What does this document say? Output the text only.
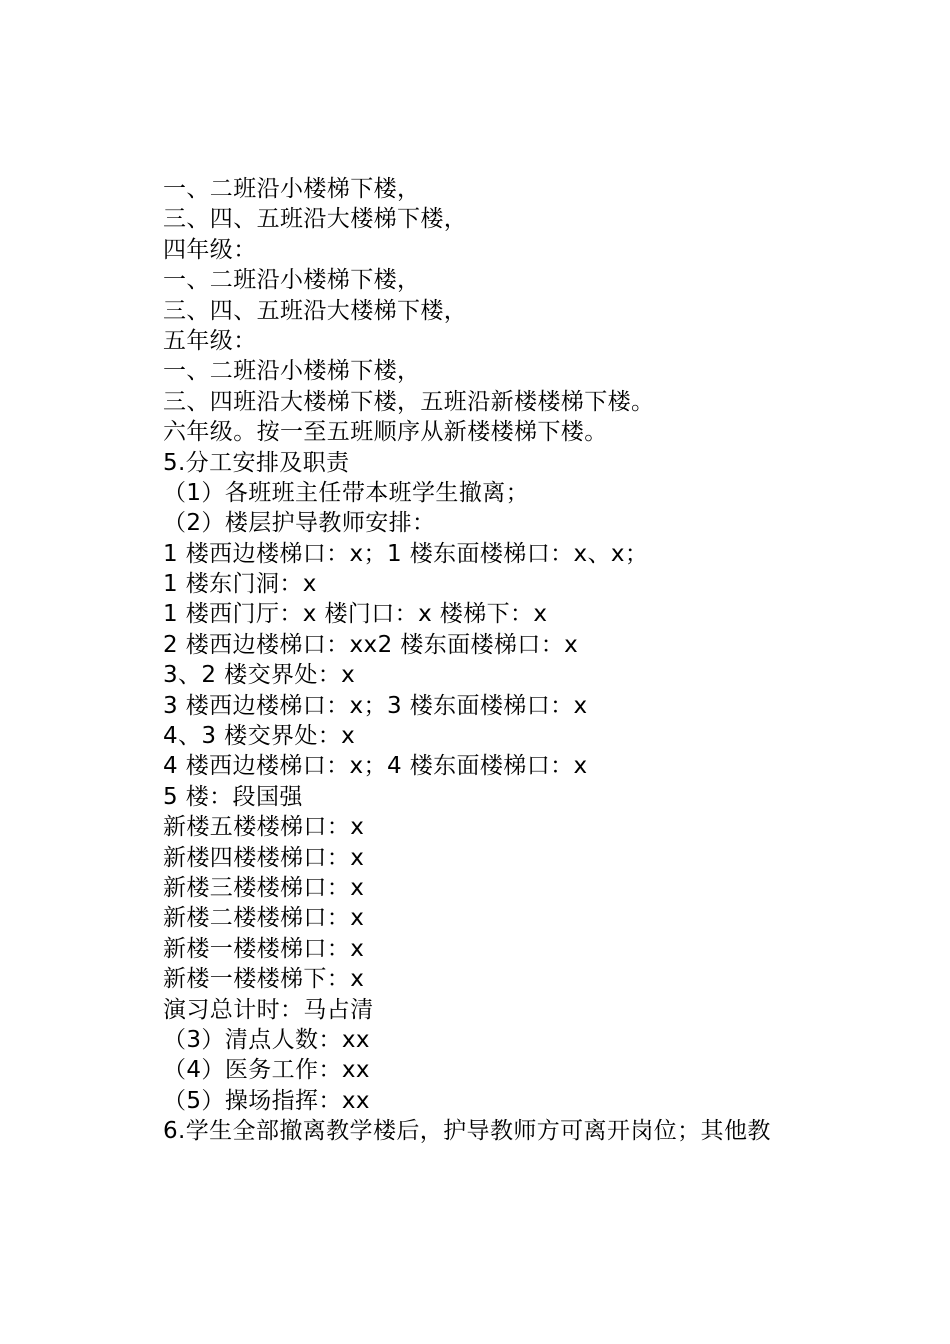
一、二班沿小楼梯下楼，
三、四、五班沿大楼梯下楼，
四年级：
一、二班沿小楼梯下楼，
三、四、五班沿大楼梯下楼，
五年级：
一、二班沿小楼梯下楼，
三、四班沿大楼梯下楼，五班沿新楼楼梯下楼。
六年级。按一至五班顺序从新楼楼梯下楼。
5.分工安排及职责
（1）各班班主任带本班学生撤离；
（2）楼层护导教师安排：
1 楼西边楼梯口：x；1 楼东面楼梯口：x、x；
1 楼东门洞：x
1 楼西门厅：x 楼门口：x 楼梯下：x
2 楼西边楼梯口：xx2 楼东面楼梯口：x
3、2 楼交界处：x
3 楼西边楼梯口：x；3 楼东面楼梯口：x
4、3 楼交界处：x
4 楼西边楼梯口：x；4 楼东面楼梯口：x
5 楼：段国强
新楼五楼楼梯口：x
新楼四楼楼梯口：x
新楼三楼楼梯口：x
新楼二楼楼梯口：x
新楼一楼楼梯口：x
新楼一楼楼梯下：x
演习总计时：马占清
（3）清点人数：xx
（4）医务工作：xx
（5）操场指挥：xx
6.学生全部撤离教学楼后，护导教师方可离开岗位；其他教
